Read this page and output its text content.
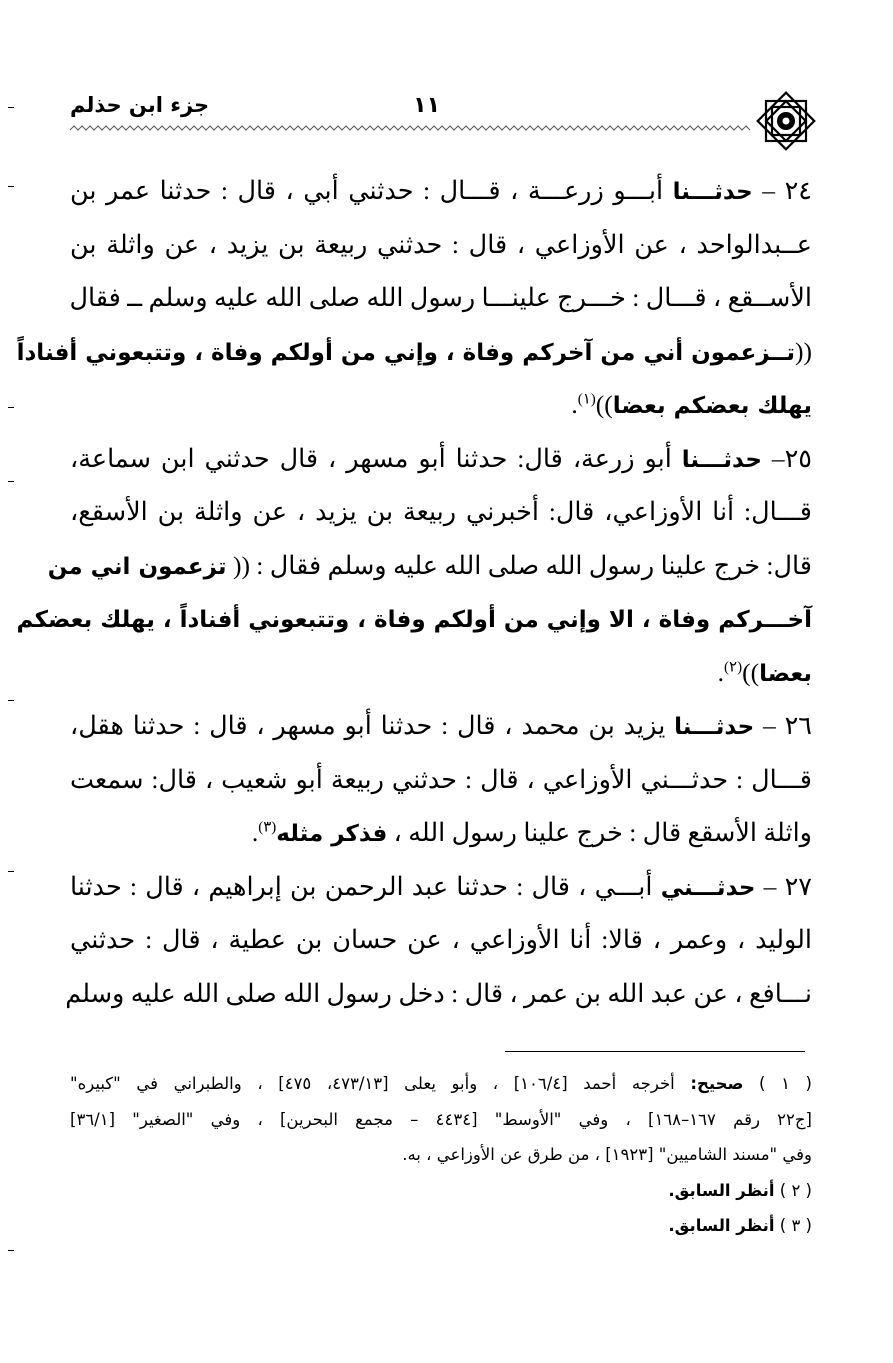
١١
جزء ابن حذلم
٢٤ – حدثـــنا أبـــو زرعـــة ، قـــال : حدثني أبي ، قال : حدثنا عمر بن
عــبدالواحد ، عن الأوزاعي ، قال : حدثني ربيعة بن يزيد ، عن واثلة بن
الأســقع ، قـــال : خـــرج علينـــا رسول الله صلى الله عليه وسلم ــ فقال
((تــزعمون أني من آخركم وفاة ، وإني من أولكم وفاة ، وتتبعوني أفناداً
يهلك بعضكم بعضا))$^{(١)}$.
٢٥– حدثـــنا أبو زرعة، قال: حدثنا أبو مسهر ، قال حدثني ابن سماعة،
قـــال: أنا الأوزاعي، قال: أخبرني ربيعة بن يزيد ، عن واثلة بن الأسقع،
قال: خرج علينا رسول الله صلى الله عليه وسلم فقال : (( تزعمون اني من
آخـــركم وفاة ، الا وإني من أولكم وفاة ، وتتبعوني أفناداً ، يهلك بعضكم
بعضا))$^{(٢)}$.
٢٦ – حدثـــنا يزيد بن محمد ، قال : حدثنا أبو مسهر ، قال : حدثنا هقل،
قـــال : حدثـــني الأوزاعي ، قال : حدثني ربيعة أبو شعيب ، قال: سمعت
واثلة الأسقع قال : خرج علينا رسول الله ، فذكر مثله$^{(٣)}$.
٢٧ – حدثـــني أبـــي ، قال : حدثنا عبد الرحمن بن إبراهيم ، قال : حدثنا
الوليد ، وعمر ، قالا: أنا الأوزاعي ، عن حسان بن عطية ، قال : حدثني
نـــافع ، عن عبد الله بن عمر ، قال : دخل رسول الله صلى الله عليه وسلم
( ١ ) صحيح: أخرجه أحمد [١٠٦/٤] ، وأبو يعلى [٤٧٣/١٣، ٤٧٥] ، والطبراني في "كبيره"
[ج٢٢ رقم ١٦٧–١٦٨] ، وفي "الأوسط" [٤٤٣٤ – مجمع البحرين] ، وفي "الصغير" [٣٦/١]
وفي "مسند الشاميين" [١٩٢٣] ، من طرق عن الأوزاعي ، به.
( ٢ ) أنظر السابق.
( ٣ ) أنظر السابق.
